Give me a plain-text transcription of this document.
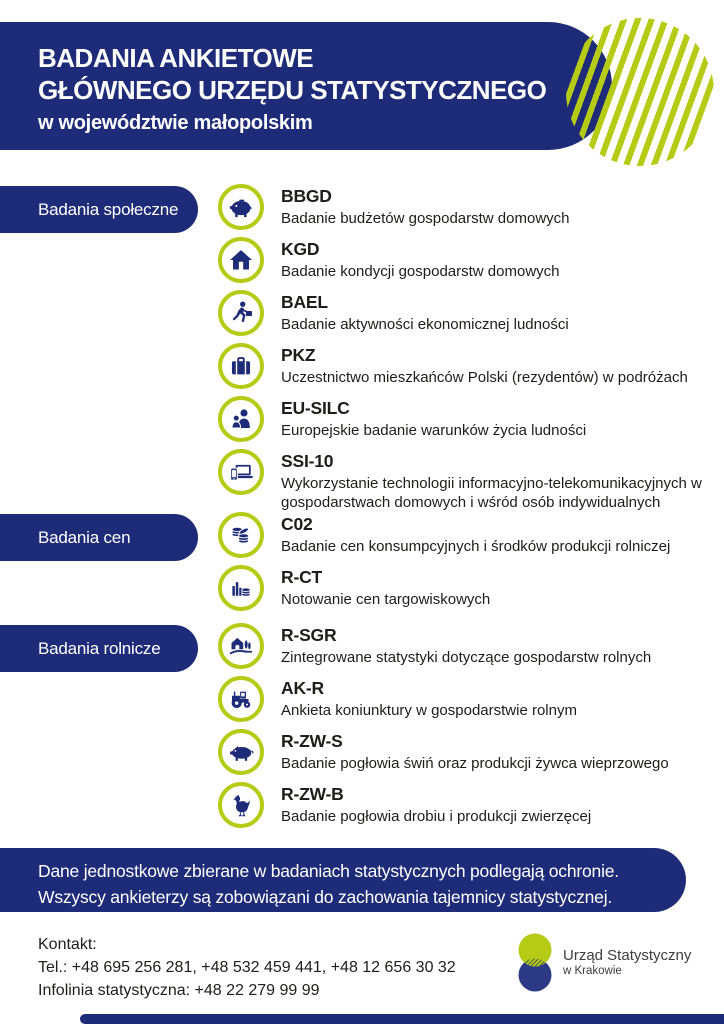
BADANIA ANKIETOWE
GŁÓWNEGO URZĘDU STATYSTYCZNEGO
w województwie małopolskim
Badania społeczne
Badania cen
Badania rolnicze
BBGD
Badanie budżetów gospodarstw domowych
KGD
Badanie kondycji gospodarstw domowych
BAEL
Badanie aktywności ekonomicznej ludności
PKZ
Uczestnictwo mieszkańców Polski (rezydentów) w podróżach
EU-SILC
Europejskie badanie warunków życia ludności
SSI-10
Wykorzystanie technologii informacyjno-telekomunikacyjnych w gospodarstwach domowych i wśród osób indywidualnych
C02
Badanie cen konsumpcyjnych i środków produkcji rolniczej
R-CT
Notowanie cen targowiskowych
R-SGR
Zintegrowane statystyki dotyczące gospodarstw rolnych
AK-R
Ankieta koniunktury w gospodarstwie rolnym
R-ZW-S
Badanie pogłowia świń oraz produkcji żywca wieprzowego
R-ZW-B
Badanie pogłowia drobiu i produkcji zwierzęcej
Dane jednostkowe zbierane w badaniach statystycznych podlegają ochronie.
Wszyscy ankieterzy są zobowiązani do zachowania tajemnicy statystycznej.
Kontakt:
Tel.: +48 695 256 281, +48 532 459 441, +48 12 656 30 32
Infolinia statystyczna: +48 22 279 99 99
Urząd Statystyczny
w Krakowie
